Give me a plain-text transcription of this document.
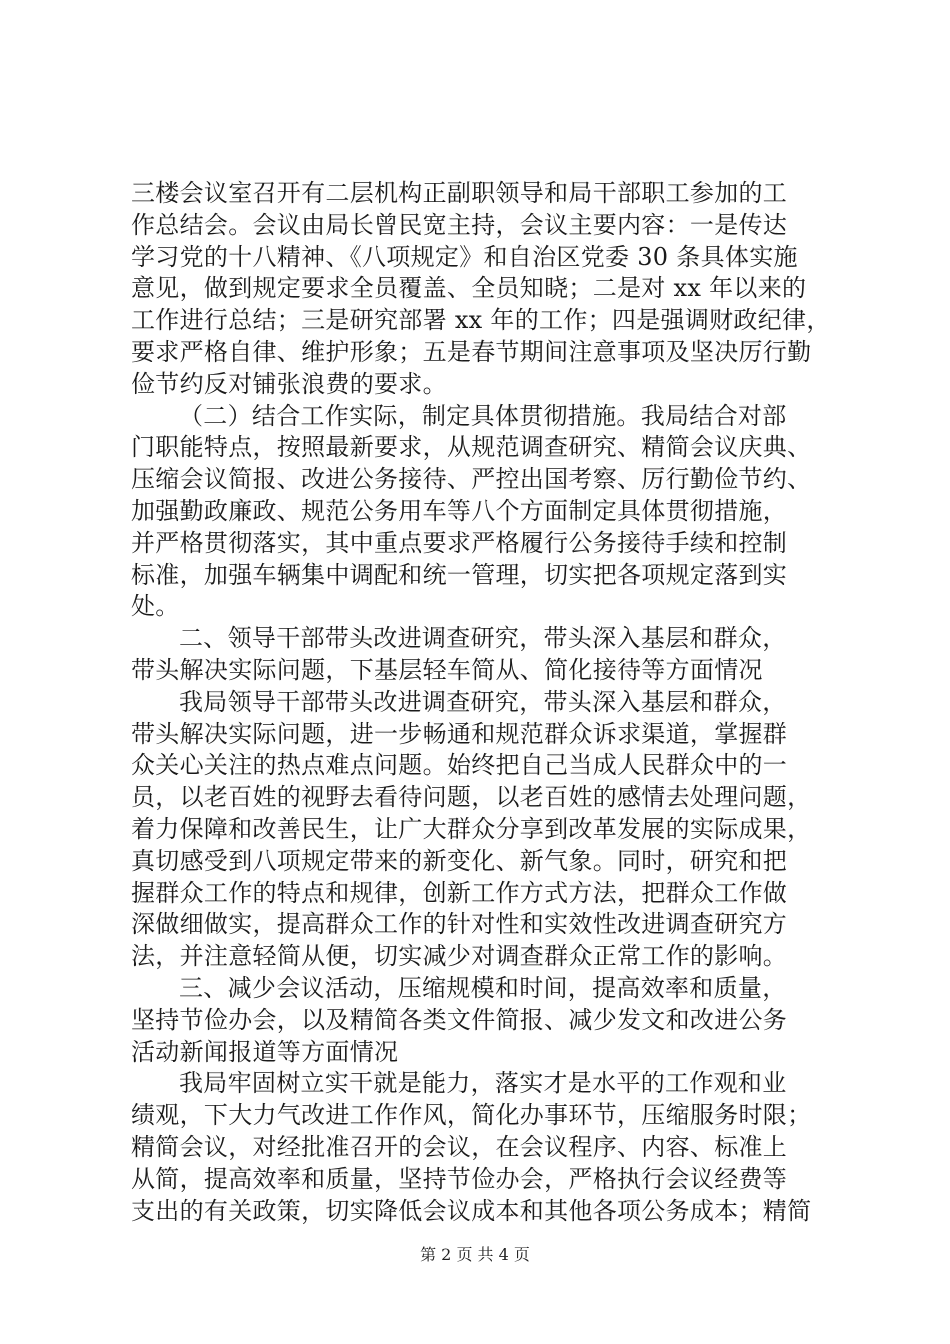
三楼会议室召开有二层机构正副职领导和局干部职工参加的工
作总结会。会议由局长曾民宽主持，会议主要内容：一是传达
学习党的十八精神、《八项规定》和自治区党委 30 条具体实施
意见，做到规定要求全员覆盖、全员知晓；二是对 xx 年以来的
工作进行总结；三是研究部署 xx 年的工作；四是强调财政纪律，
要求严格自律、维护形象；五是春节期间注意事项及坚决厉行勤
俭节约反对铺张浪费的要求。
（二）结合工作实际，制定具体贯彻措施。我局结合对部
门职能特点，按照最新要求，从规范调查研究、精简会议庆典、
压缩会议简报、改进公务接待、严控出国考察、厉行勤俭节约、
加强勤政廉政、规范公务用车等八个方面制定具体贯彻措施，
并严格贯彻落实，其中重点要求严格履行公务接待手续和控制
标准，加强车辆集中调配和统一管理，切实把各项规定落到实
处。
二、领导干部带头改进调查研究，带头深入基层和群众，
带头解决实际问题，下基层轻车简从、简化接待等方面情况
我局领导干部带头改进调查研究，带头深入基层和群众，
带头解决实际问题，进一步畅通和规范群众诉求渠道，掌握群
众关心关注的热点难点问题。始终把自己当成人民群众中的一
员，以老百姓的视野去看待问题，以老百姓的感情去处理问题，
着力保障和改善民生，让广大群众分享到改革发展的实际成果，
真切感受到八项规定带来的新变化、新气象。同时，研究和把
握群众工作的特点和规律，创新工作方式方法，把群众工作做
深做细做实，提高群众工作的针对性和实效性改进调查研究方
法，并注意轻简从便，切实减少对调查群众正常工作的影响。
三、减少会议活动，压缩规模和时间，提高效率和质量，
坚持节俭办会，以及精简各类文件简报、减少发文和改进公务
活动新闻报道等方面情况
我局牢固树立实干就是能力，落实才是水平的工作观和业
绩观，下大力气改进工作作风，简化办事环节，压缩服务时限；
精简会议，对经批准召开的会议，在会议程序、内容、标准上
从简，提高效率和质量，坚持节俭办会，严格执行会议经费等
支出的有关政策，切实降低会议成本和其他各项公务成本；精简
第 2 页 共 4 页
